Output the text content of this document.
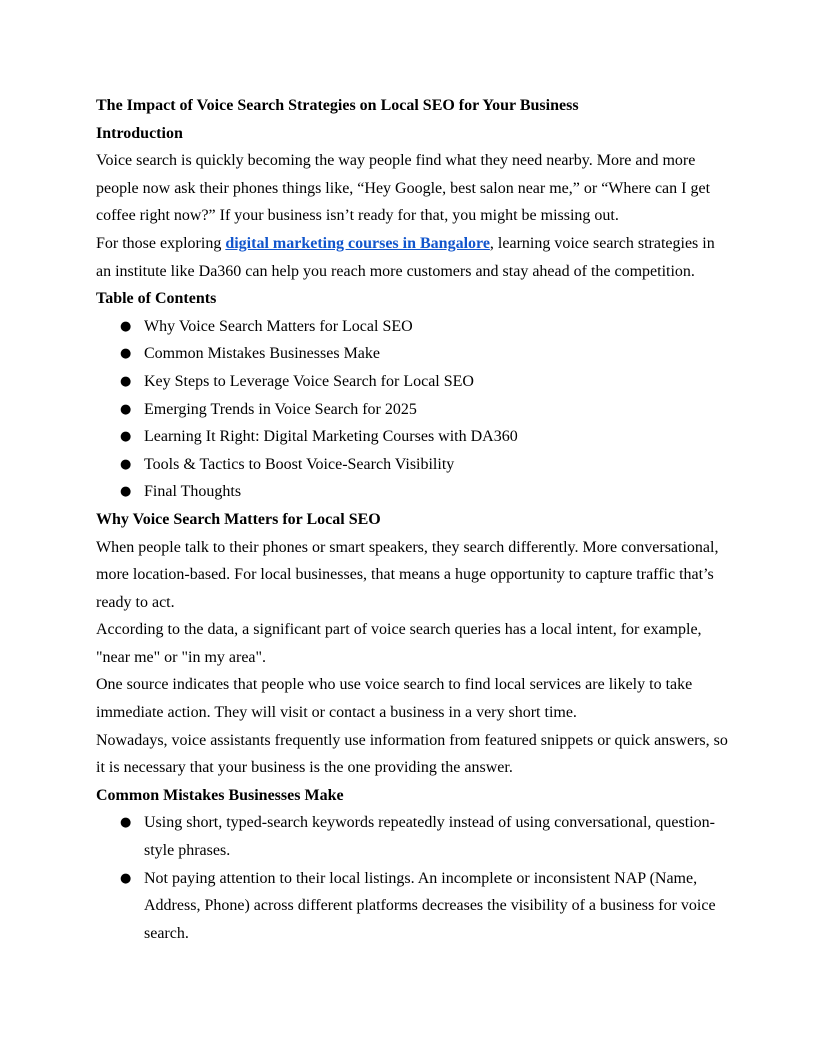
The Impact of Voice Search Strategies on Local SEO for Your Business

Introduction

Voice search is quickly becoming the way people find what they need nearby. More and more people now ask their phones things like, “Hey Google, best salon near me,” or “Where can I get coffee right now?” If your business isn’t ready for that, you might be missing out.

For those exploring digital marketing courses in Bangalore, learning voice search strategies in an institute like Da360 can help you reach more customers and stay ahead of the competition.

Table of Contents

● Why Voice Search Matters for Local SEO
● Common Mistakes Businesses Make
● Key Steps to Leverage Voice Search for Local SEO
● Emerging Trends in Voice Search for 2025
● Learning It Right: Digital Marketing Courses with DA360
● Tools & Tactics to Boost Voice-Search Visibility
● Final Thoughts

Why Voice Search Matters for Local SEO

When people talk to their phones or smart speakers, they search differently. More conversational, more location-based. For local businesses, that means a huge opportunity to capture traffic that’s ready to act.

According to the data, a significant part of voice search queries has a local intent, for example, "near me" or "in my area".

One source indicates that people who use voice search to find local services are likely to take immediate action. They will visit or contact a business in a very short time.

Nowadays, voice assistants frequently use information from featured snippets or quick answers, so it is necessary that your business is the one providing the answer.

Common Mistakes Businesses Make

● Using short, typed-search keywords repeatedly instead of using conversational, question-style phrases.
● Not paying attention to their local listings. An incomplete or inconsistent NAP (Name, Address, Phone) across different platforms decreases the visibility of a business for voice search.
